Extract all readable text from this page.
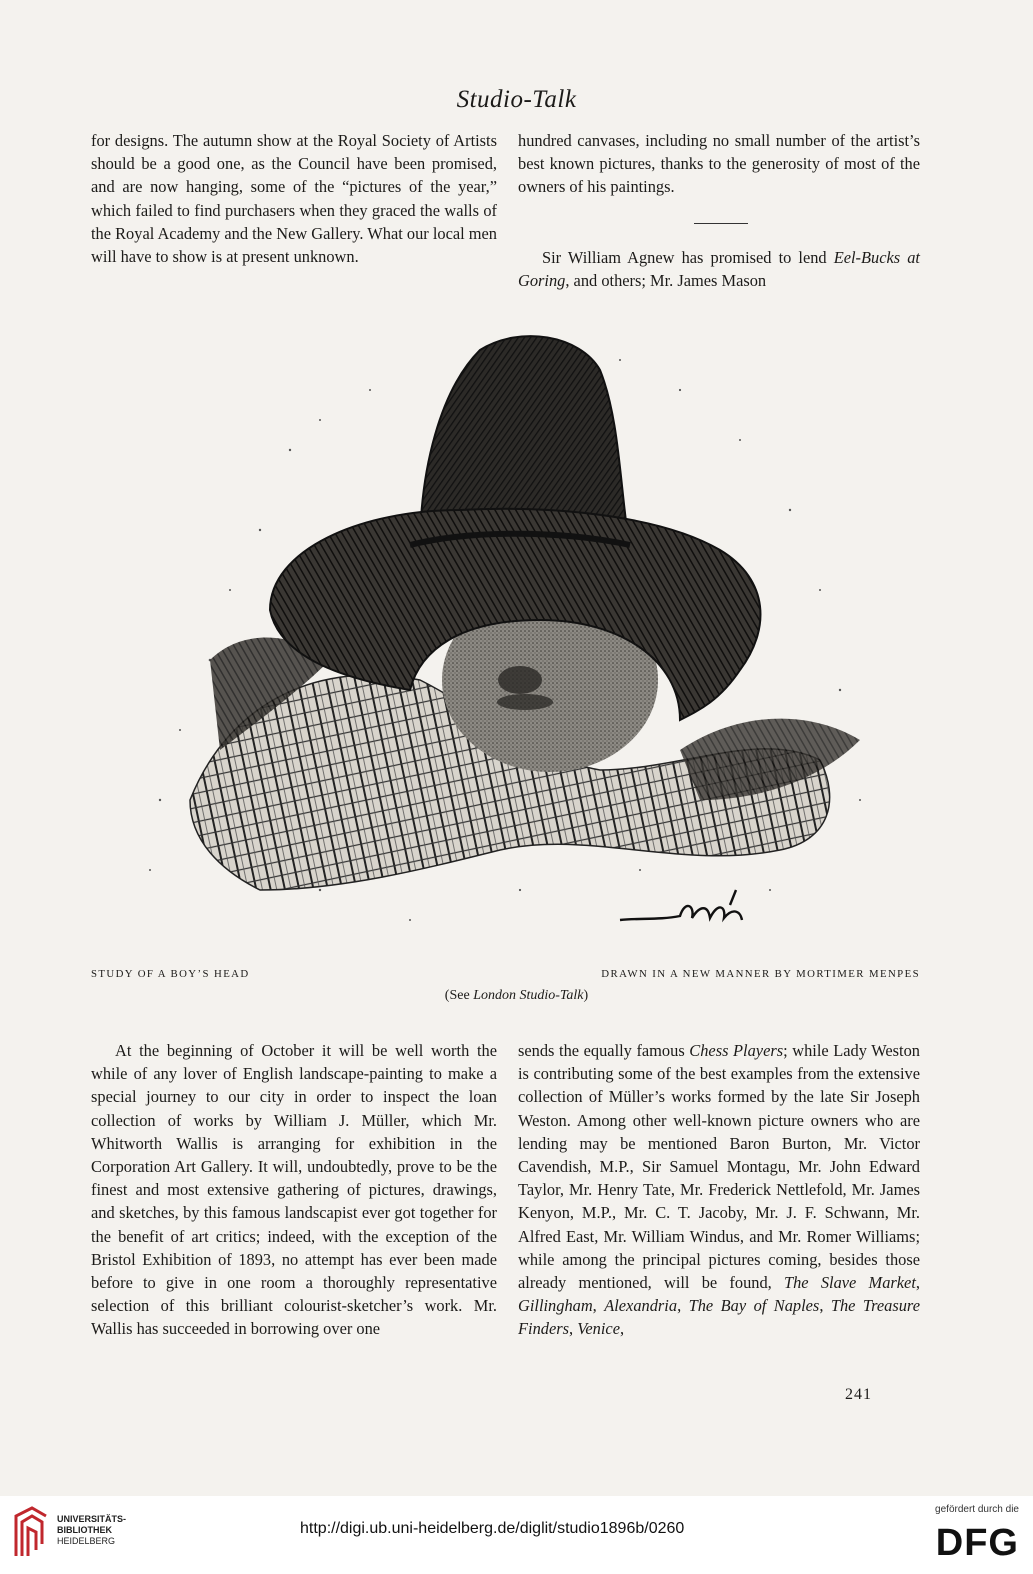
Studio-Talk

for designs. The autumn show at the Royal Society of Artists should be a good one, as the Council have been promised, and are now hanging, some of the “pictures of the year,” which failed to find purchasers when they graced the walls of the Royal Academy and the New Gallery. What our local men will have to show is at present unknown.

hundred canvases, including no small number of the artist’s best known pictures, thanks to the generosity of most of the owners of his paintings.

Sir William Agnew has promised to lend Eel-Bucks at Goring, and others; Mr. James Mason

STUDY OF A BOY’S HEAD	DRAWN IN A NEW MANNER BY MORTIMER MENPES
(See London Studio-Talk)

At the beginning of October it will be well worth the while of any lover of English landscape-painting to make a special journey to our city in order to inspect the loan collection of works by William J. Müller, which Mr. Whitworth Wallis is arranging for exhibition in the Corporation Art Gallery. It will, undoubtedly, prove to be the finest and most extensive gathering of pictures, drawings, and sketches, by this famous landscapist ever got together for the benefit of art critics; indeed, with the exception of the Bristol Exhibition of 1893, no attempt has ever been made before to give in one room a thoroughly representative selection of this brilliant colourist-sketcher’s work. Mr. Wallis has succeeded in borrowing over one

sends the equally famous Chess Players; while Lady Weston is contributing some of the best examples from the extensive collection of Müller’s works formed by the late Sir Joseph Weston. Among other well-known picture owners who are lending may be mentioned Baron Burton, Mr. Victor Cavendish, M.P., Sir Samuel Montagu, Mr. John Edward Taylor, Mr. Henry Tate, Mr. Frederick Nettlefold, Mr. James Kenyon, M.P., Mr. C. T. Jacoby, Mr. J. F. Schwann, Mr. Alfred East, Mr. William Windus, and Mr. Romer Williams; while among the principal pictures coming, besides those already mentioned, will be found, The Slave Market, Gillingham, Alexandria, The Bay of Naples, The Treasure Finders, Venice,

241
UNIVERSITÄTS-
BIBLIOTHEK
HEIDELBERG
http://digi.ub.uni-heidelberg.de/diglit/studio1896b/0260
gefördert durch die
DFG
